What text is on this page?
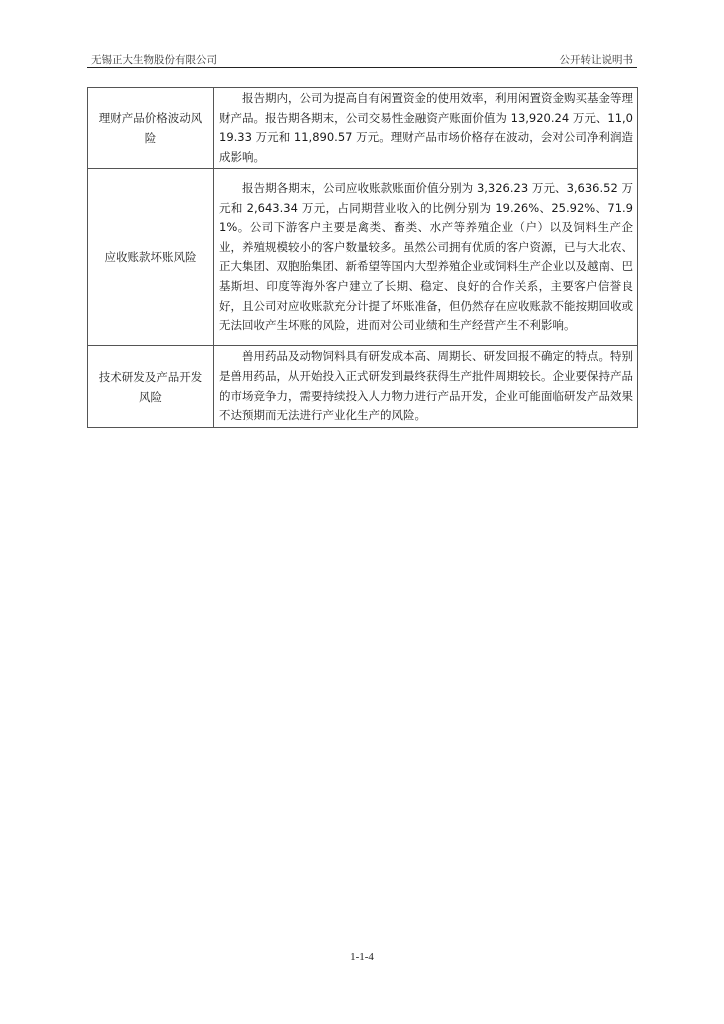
无锡正大生物股份有限公司	公开转让说明书
理财产品价格波动风险	报告期内，公司为提高自有闲置资金的使用效率，利用闲置资金购买基金等理财产品。报告期各期末，公司交易性金融资产账面价值为 13,920.24 万元、11,019.33 万元和 11,890.57 万元。理财产品市场价格存在波动，会对公司净利润造成影响。
应收账款坏账风险	报告期各期末，公司应收账款账面价值分别为 3,326.23 万元、3,636.52 万元和 2,643.34 万元，占同期营业收入的比例分别为 19.26%、25.92%、71.91%。公司下游客户主要是禽类、畜类、水产等养殖企业（户）以及饲料生产企业，养殖规模较小的客户数量较多。虽然公司拥有优质的客户资源，已与大北农、正大集团、双胞胎集团、新希望等国内大型养殖企业或饲料生产企业以及越南、巴基斯坦、印度等海外客户建立了长期、稳定、良好的合作关系，主要客户信誉良好，且公司对应收账款充分计提了坏账准备，但仍然存在应收账款不能按期回收或无法回收产生坏账的风险，进而对公司业绩和生产经营产生不利影响。
技术研发及产品开发风险	兽用药品及动物饲料具有研发成本高、周期长、研发回报不确定的特点。特别是兽用药品，从开始投入正式研发到最终获得生产批件周期较长。企业要保持产品的市场竞争力，需要持续投入人力物力进行产品开发，企业可能面临研发产品效果不达预期而无法进行产业化生产的风险。
1-1-4
